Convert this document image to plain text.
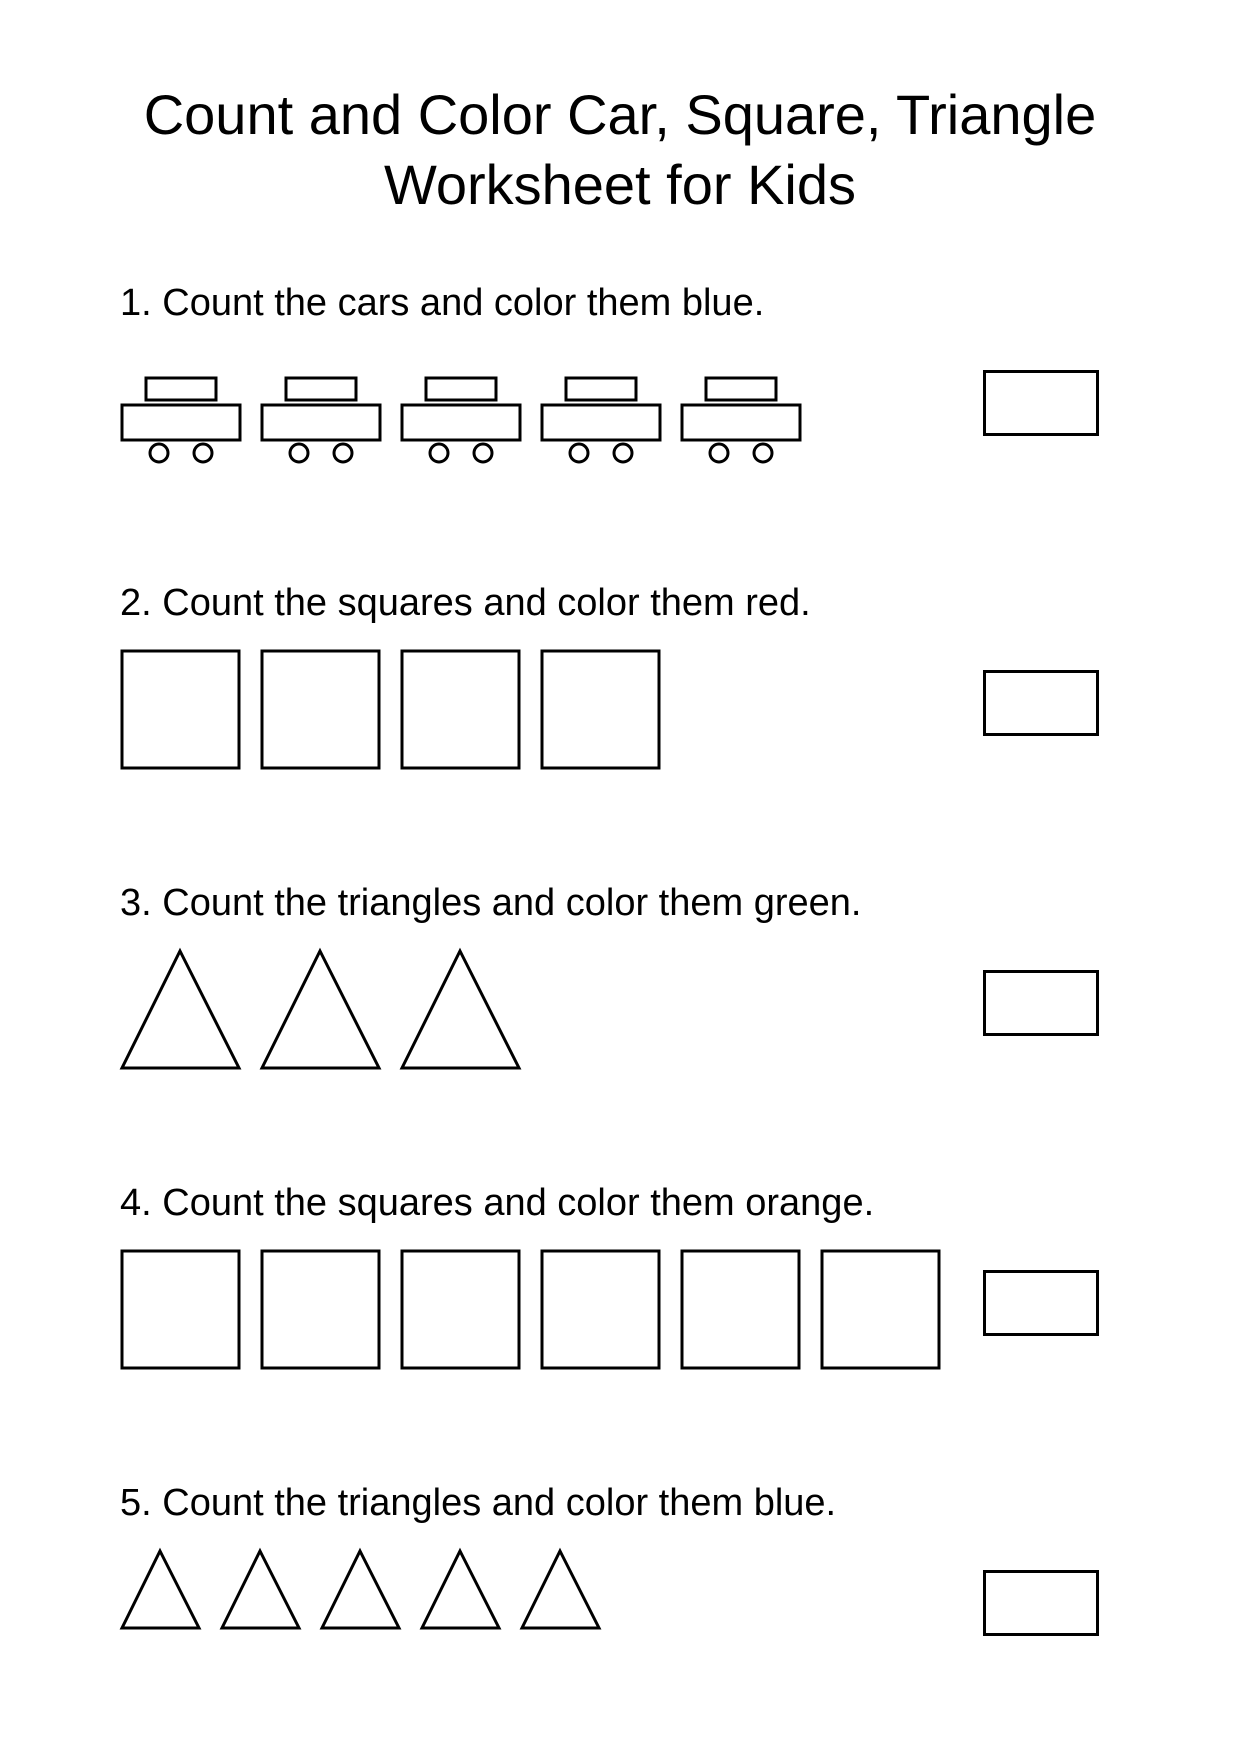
Count and Color Car, Square, Triangle
Worksheet for Kids
1. Count the cars and color them blue.
2. Count the squares and color them red.
3. Count the triangles and color them green.
4. Count the squares and color them orange.
5. Count the triangles and color them blue.
